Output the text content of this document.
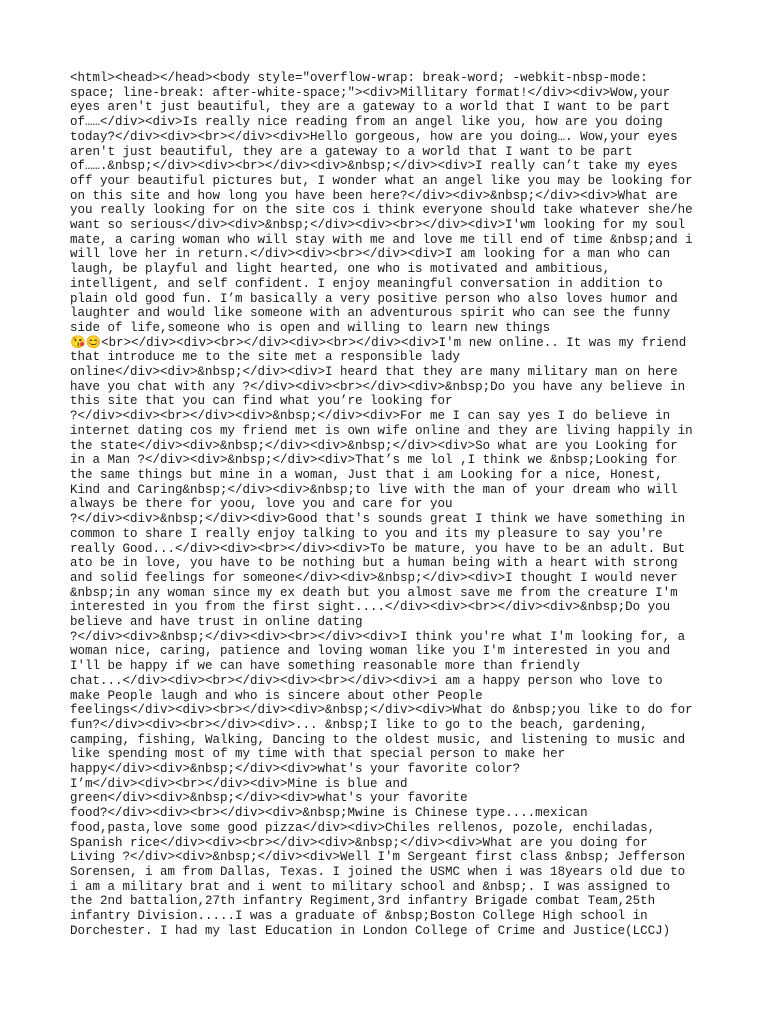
<html><head></head><body style="overflow-wrap: break-word; -webkit-nbsp-mode:
space; line-break: after-white-space;"><div>Millitary format!</div><div>Wow,your
eyes aren't just beautiful, they are a gateway to a world that I want to be part
of……</div><div>Is really nice reading from an angel like you, how are you doing
today?</div><div><br></div><div>Hello gorgeous, how are you doing…. Wow,your eyes
aren't just beautiful, they are a gateway to a world that I want to be part
of…….&nbsp;</div><div><br></div><div>&nbsp;</div><div>I really can’t take my eyes
off your beautiful pictures but, I wonder what an angel like you may be looking for
on this site and how long you have been here?</div><div>&nbsp;</div><div>What are
you really looking for on the site cos i think everyone should take whatever she/he
want so serious</div><div>&nbsp;</div><div><br></div><div>I'wm looking for my soul
mate, a caring woman who will stay with me and love me till end of time &nbsp;and i
will love her in return.</div><div><br></div><div>I am looking for a man who can
laugh, be playful and light hearted, one who is motivated and ambitious,
intelligent, and self confident. I enjoy meaningful conversation in addition to
plain old good fun. I’m basically a very positive person who also loves humor and
laughter and would like someone with an adventurous spirit who can see the funny
side of life,someone who is open and willing to learn new things
😘😊<br></div><div><br></div><div><br></div><div>I'm new online.. It was my friend
that introduce me to the site met a responsible lady
online</div><div>&nbsp;</div><div>I heard that they are many military man on here
have you chat with any ?</div><div><br></div><div>&nbsp;Do you have any believe in
this site that you can find what you’re looking for
?</div><div><br></div><div>&nbsp;</div><div>For me I can say yes I do believe in
internet dating cos my friend met is own wife online and they are living happily in
the state</div><div>&nbsp;</div><div>&nbsp;</div><div>So what are you Looking for
in a Man ?</div><div>&nbsp;</div><div>That’s me lol ,I think we &nbsp;Looking for
the same things but mine in a woman, Just that i am Looking for a nice, Honest,
Kind and Caring&nbsp;</div><div>&nbsp;to live with the man of your dream who will
always be there for yoou, love you and care for you
?</div><div>&nbsp;</div><div>Good that's sounds great I think we have something in
common to share I really enjoy talking to you and its my pleasure to say you're
really Good...</div><div><br></div><div>To be mature, you have to be an adult. But
ato be in love, you have to be nothing but a human being with a heart with strong
and solid feelings for someone</div><div>&nbsp;</div><div>I thought I would never
&nbsp;in any woman since my ex death but you almost save me from the creature I'm
interested in you from the first sight....</div><div><br></div><div>&nbsp;Do you
believe and have trust in online dating
?</div><div>&nbsp;</div><div><br></div><div>I think you're what I'm looking for, a
woman nice, caring, patience and loving woman like you I'm interested in you and
I'll be happy if we can have something reasonable more than friendly
chat...</div><div><br></div><div><br></div><div>i am a happy person who love to
make People laugh and who is sincere about other People
feelings</div><div><br></div><div>&nbsp;</div><div>What do &nbsp;you like to do for
fun?</div><div><br></div><div>... &nbsp;I like to go to the beach, gardening,
camping, fishing, Walking, Dancing to the oldest music, and listening to music and
like spending most of my time with that special person to make her
happy</div><div>&nbsp;</div><div>what's your favorite color?
I’m</div><div><br></div><div>Mine is blue and
green</div><div>&nbsp;</div><div>what's your favorite
food?</div><div><br></div><div>&nbsp;Mwine is Chinese type....mexican
food,pasta,love some good pizza</div><div>Chiles rellenos, pozole, enchiladas,
Spanish rice</div><div><br></div><div>&nbsp;</div><div>What are you doing for
Living ?</div><div>&nbsp;</div><div>Well I'm Sergeant first class &nbsp; Jefferson
Sorensen, i am from Dallas, Texas. I joined the USMC when i was 18years old due to
i am a military brat and i went to military school and &nbsp;. I was assigned to
the 2nd battalion,27th infantry Regiment,3rd infantry Brigade combat Team,25th
infantry Division.....I was a graduate of &nbsp;Boston College High school in
Dorchester. I had my last Education in London College of Crime and Justice(LCCJ)
